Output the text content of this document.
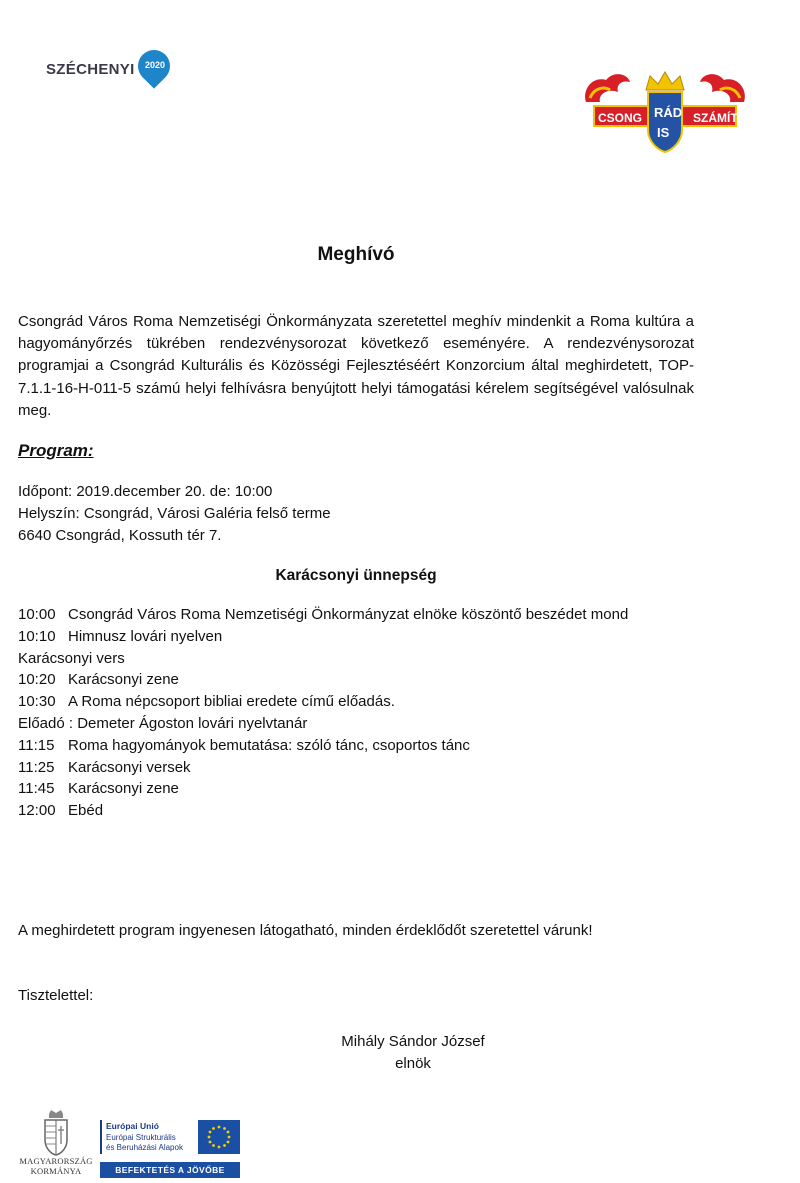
SZÉCHENYI	2020
CSONG RÁD
IS
SZÁMÍT
Meghívó

Csongrád Város Roma Nemzetiségi Önkormányzata szeretettel meghív mindenkit a Roma kultúra a hagyományőrzés tükrében rendezvénysorozat következő eseményére. A rendezvénysorozat programjai a Csongrád Kulturális és Közösségi Fejlesztéséért Konzorcium által meghirdetett, TOP-7.1.1-16-H-011-5 számú helyi felhívásra benyújtott helyi támogatási kérelem segítségével valósulnak meg.

Program:
Időpont: 2019.december 20. de: 10:00
Helyszín: Csongrád, Városi Galéria felső terme
6640 Csongrád, Kossuth tér 7.
Karácsonyi ünnepség
10:00 Csongrád Város Roma Nemzetiségi Önkormányzat elnöke köszöntő beszédet mond
10:10 Himnusz lovári nyelven
Karácsonyi vers
10:20 Karácsonyi zene
10:30 A Roma népcsoport bibliai eredete című előadás.
Előadó : Demeter Ágoston lovári nyelvtanár
11:15 Roma hagyományok bemutatása: szóló tánc, csoportos tánc
11:25 Karácsonyi versek
11:45 Karácsonyi zene
12:00 Ebéd
A meghirdetett program ingyenesen látogatható, minden érdeklődőt szeretettel várunk!
Tisztelettel:
Mihály Sándor József
elnök
MAGYARORSZÁG
KORMÁNYA
Európai Unió
Európai Strukturális
és Beruházási Alapok
BEFEKTETÉS A JÖVŐBE
